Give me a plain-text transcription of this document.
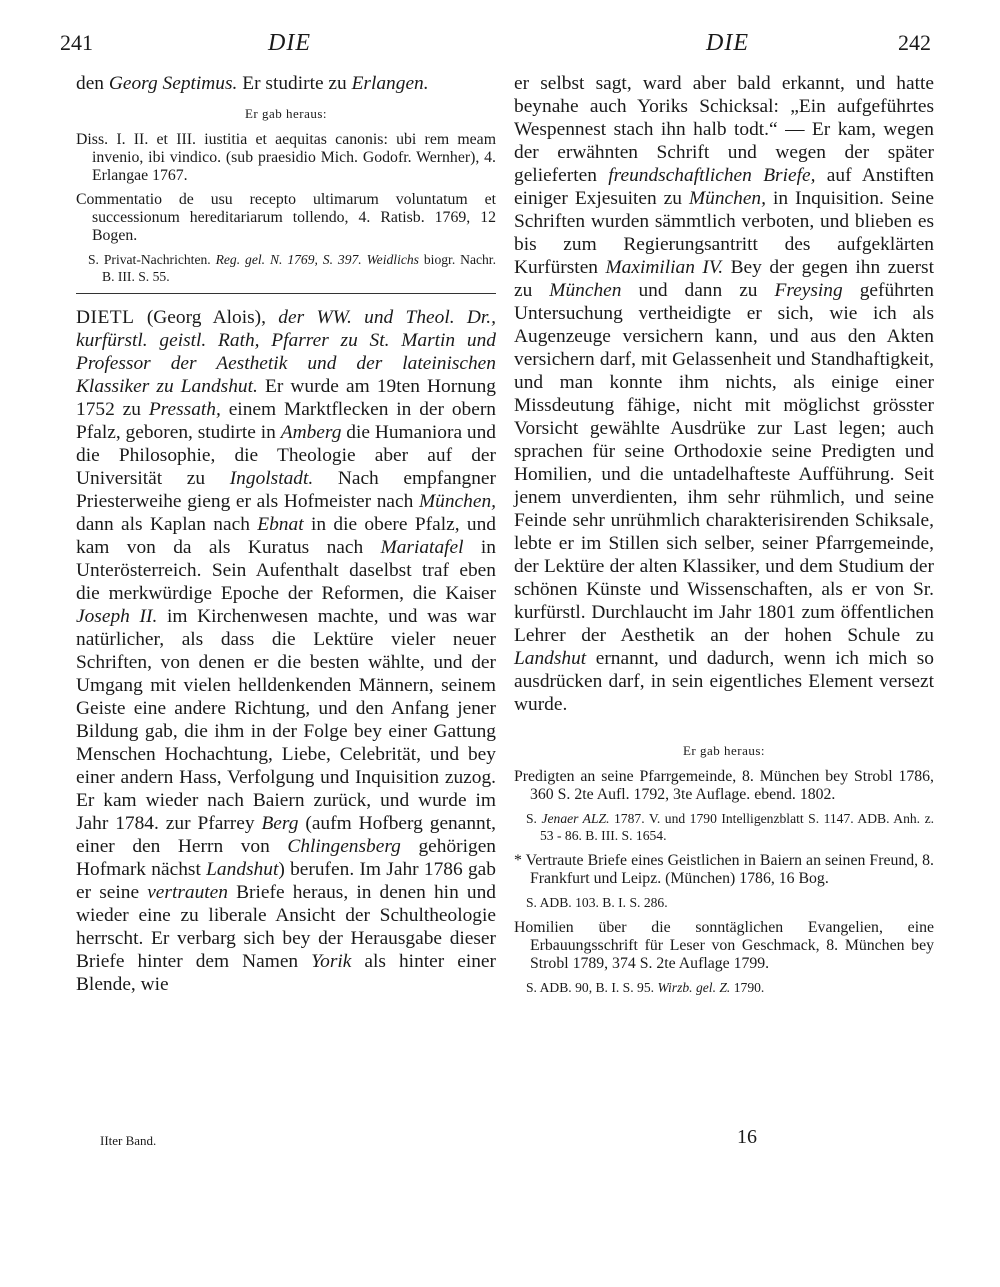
241	DIE	DIE	242

den Georg Septimus. Er studirte zu Erlangen.

Er gab heraus:

Diss. I. II. et III. iustitia et aequitas canonis: ubi rem meam invenio, ibi vindico. (sub praesidio Mich. Godofr. Wernher), 4. Erlangae 1767.

Commentatio de usu recepto ultimarum voluntatum et successionum hereditariarum tollendo, 4. Ratisb. 1769, 12 Bogen.

S. Privat-Nachrichten. Reg. gel. N. 1769, S. 397. Weidlichs biogr. Nachr. B. III. S. 55.

DIETL (Georg Alois), der WW. und Theol. Dr., kurfürstl. geistl. Rath, Pfarrer zu St. Martin und Professor der Aesthetik und der lateinischen Klassiker zu Landshut. Er wurde am 19ten Hornung 1752 zu Pressath, einem Marktflecken in der obern Pfalz, geboren, studirte in Amberg die Humaniora und die Philosophie, die Theologie aber auf der Universität zu Ingolstadt. Nach empfangner Priesterweihe gieng er als Hofmeister nach München, dann als Kaplan nach Ebnat in die obere Pfalz, und kam von da als Kuratus nach Mariatafel in Unterösterreich. Sein Aufenthalt daselbst traf eben die merkwürdige Epoche der Reformen, die Kaiser Joseph II. im Kirchenwesen machte, und was war natürlicher, als dass die Lektüre vieler neuer Schriften, von denen er die besten wählte, und der Umgang mit vielen helldenkenden Männern, seinem Geiste eine andere Richtung, und den Anfang jener Bildung gab, die ihm in der Folge bey einer Gattung Menschen Hochachtung, Liebe, Celebrität, und bey einer andern Hass, Verfolgung und Inquisition zuzog. Er kam wieder nach Baiern zurück, und wurde im Jahr 1784. zur Pfarrey Berg (aufm Hofberg genannt, einer den Herrn von Chlingensberg gehörigen Hofmark nächst Landshut) berufen. Im Jahr 1786 gab er seine vertrauten Briefe heraus, in denen hin und wieder eine zu liberale Ansicht der Schultheologie herrscht. Er verbarg sich bey der Herausgabe dieser Briefe hinter dem Namen Yorik als hinter einer Blende, wie

IIter Band.

er selbst sagt, ward aber bald erkannt, und hatte beynahe auch Yoriks Schicksal: „Ein aufgeführtes Wespennest stach ihn halb todt.“ — Er kam, wegen der erwähnten Schrift und wegen der später gelieferten freundschaftlichen Briefe, auf Anstiften einiger Exjesuiten zu München, in Inquisition. Seine Schriften wurden sämmtlich verboten, und blieben es bis zum Regierungsantritt des aufgeklärten Kurfürsten Maximilian IV. Bey der gegen ihn zuerst zu München und dann zu Freysing geführten Untersuchung vertheidigte er sich, wie ich als Augenzeuge versichern kann, und aus den Akten versichern darf, mit Gelassenheit und Standhaftigkeit, und man konnte ihm nichts, als einige einer Missdeutung fähige, nicht mit möglichst grösster Vorsicht gewählte Ausdrüke zur Last legen; auch sprachen für seine Orthodoxie seine Predigten und Homilien, und die untadelhafteste Aufführung. Seit jenem unverdienten, ihm sehr rühmlich, und seine Feinde sehr unrühmlich charakterisirenden Schiksale, lebte er im Stillen sich selber, seiner Pfarrgemeinde, der Lektüre der alten Klassiker, und dem Studium der schönen Künste und Wissenschaften, als er von Sr. kurfürstl. Durchlaucht im Jahr 1801 zum öffentlichen Lehrer der Aesthetik an der hohen Schule zu Landshut ernannt, und dadurch, wenn ich mich so ausdrücken darf, in sein eigentliches Element versezt wurde.

Er gab heraus:

Predigten an seine Pfarrgemeinde, 8. München bey Strobl 1786, 360 S. 2te Aufl. 1792, 3te Auflage. ebend. 1802.

S. Jenaer ALZ. 1787. V. und 1790 Intelligenzblatt S. 1147. ADB. Anh. z. 53 - 86. B. III. S. 1654.

* Vertraute Briefe eines Geistlichen in Baiern an seinen Freund, 8. Frankfurt und Leipz. (München) 1786, 16 Bog.

S. ADB. 103. B. I. S. 286.

Homilien über die sonntäglichen Evangelien, eine Erbauungsschrift für Leser von Geschmack, 8. München bey Strobl 1789, 374 S. 2te Auflage 1799.

S. ADB. 90, B. I. S. 95. Wirzb. gel. Z. 1790.

16
